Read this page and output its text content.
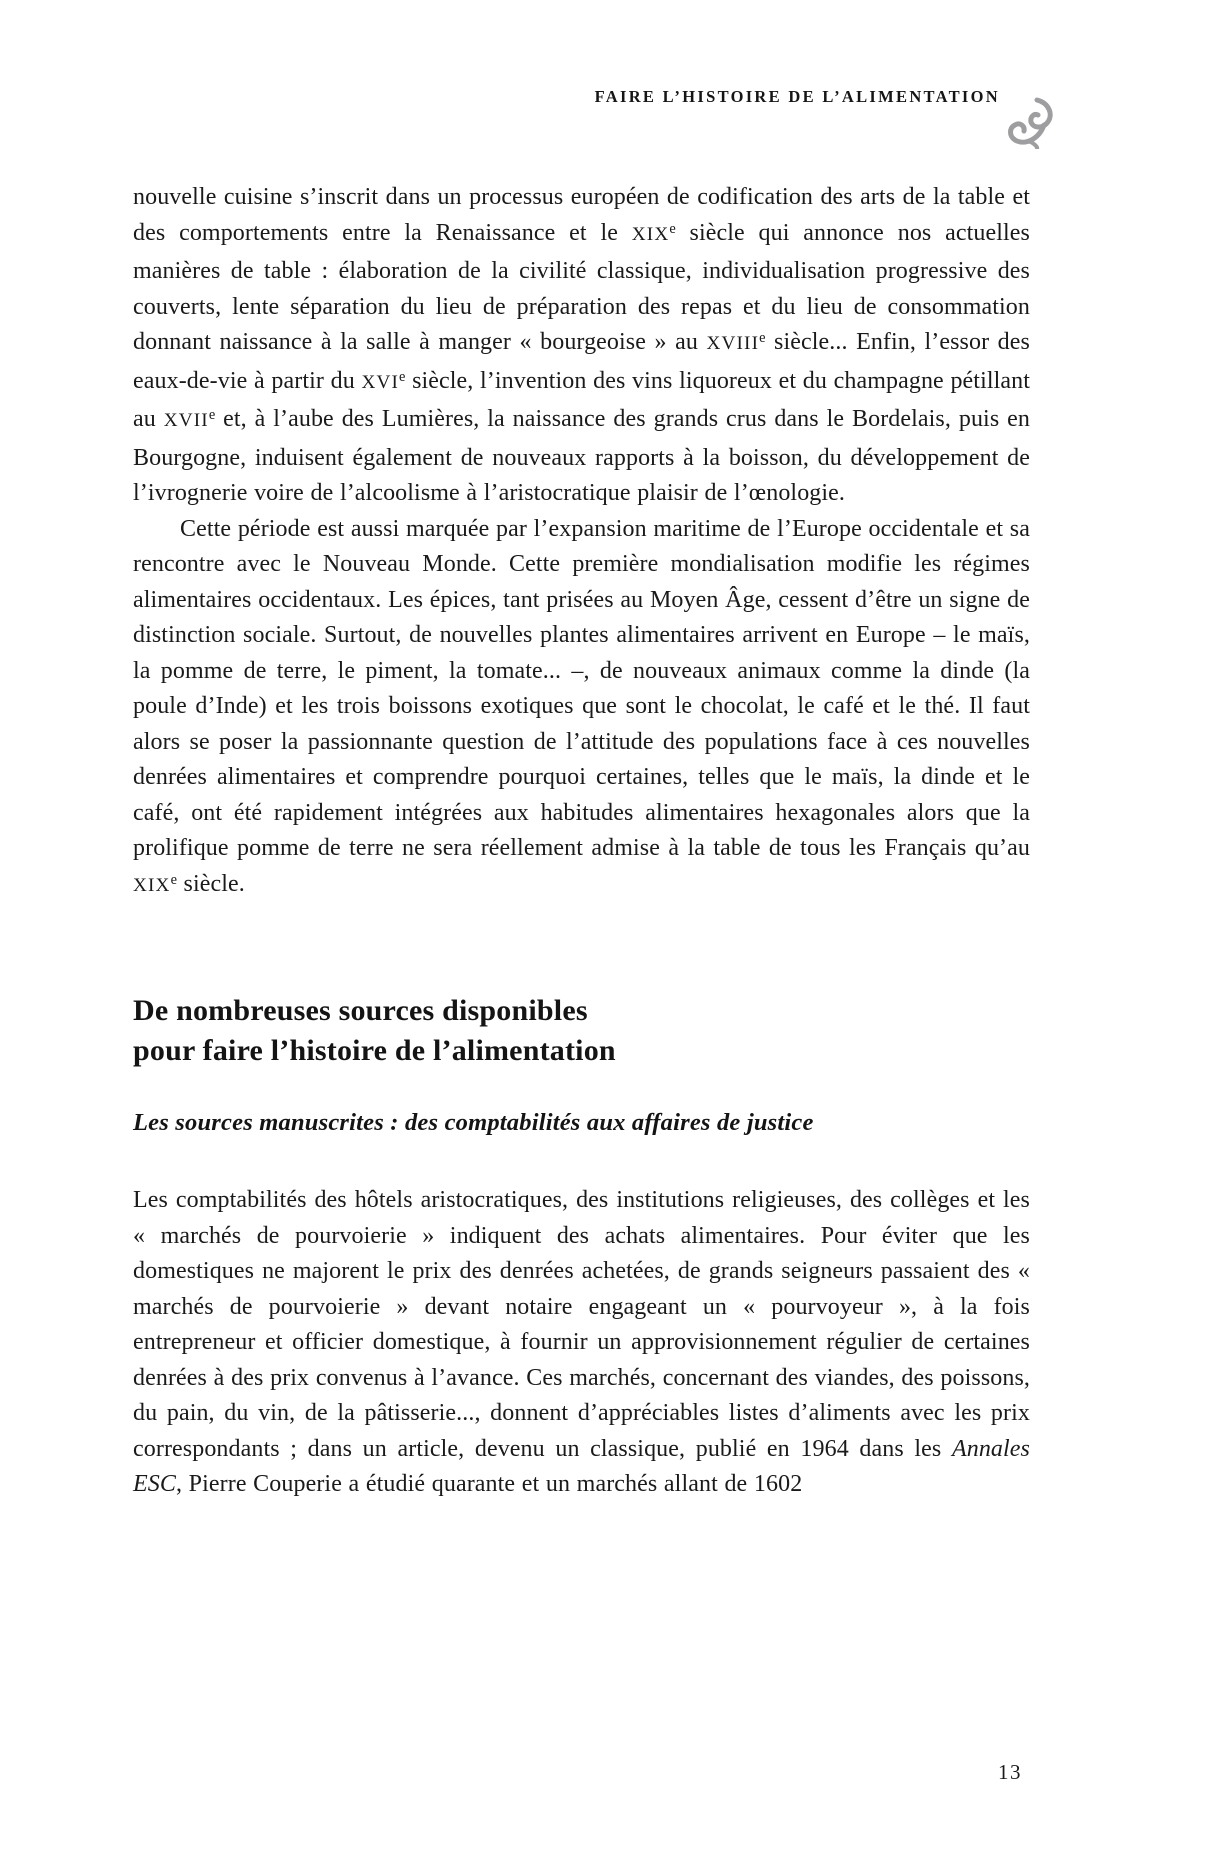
FAIRE L’HISTOIRE DE L’ALIMENTATION

nouvelle cuisine s’inscrit dans un processus européen de codification des arts de la table et des comportements entre la Renaissance et le XIXe siècle qui annonce nos actuelles manières de table : élaboration de la civilité classique, individualisation progressive des couverts, lente séparation du lieu de préparation des repas et du lieu de consommation donnant naissance à la salle à manger « bourgeoise » au XVIIIe siècle... Enfin, l’essor des eaux-de-vie à partir du XVIe siècle, l’invention des vins liquoreux et du champagne pétillant au XVIIe et, à l’aube des Lumières, la naissance des grands crus dans le Bordelais, puis en Bourgogne, induisent également de nouveaux rapports à la boisson, du développement de l’ivrognerie voire de l’alcoolisme à l’aristocratique plaisir de l’œnologie.

Cette période est aussi marquée par l’expansion maritime de l’Europe occidentale et sa rencontre avec le Nouveau Monde. Cette première mondialisation modifie les régimes alimentaires occidentaux. Les épices, tant prisées au Moyen Âge, cessent d’être un signe de distinction sociale. Surtout, de nouvelles plantes alimentaires arrivent en Europe – le maïs, la pomme de terre, le piment, la tomate... –, de nouveaux animaux comme la dinde (la poule d’Inde) et les trois boissons exotiques que sont le chocolat, le café et le thé. Il faut alors se poser la passionnante question de l’attitude des populations face à ces nouvelles denrées alimentaires et comprendre pourquoi certaines, telles que le maïs, la dinde et le café, ont été rapidement intégrées aux habitudes alimentaires hexagonales alors que la prolifique pomme de terre ne sera réellement admise à la table de tous les Français qu’au XIXe siècle.

De nombreuses sources disponibles
pour faire l’histoire de l’alimentation
Les sources manuscrites : des comptabilités aux affaires de justice

Les comptabilités des hôtels aristocratiques, des institutions religieuses, des collèges et les « marchés de pourvoierie » indiquent des achats alimentaires. Pour éviter que les domestiques ne majorent le prix des denrées achetées, de grands seigneurs passaient des « marchés de pourvoierie » devant notaire engageant un « pourvoyeur », à la fois entrepreneur et officier domestique, à fournir un approvisionnement régulier de certaines denrées à des prix convenus à l’avance. Ces marchés, concernant des viandes, des poissons, du pain, du vin, de la pâtisserie..., donnent d’appréciables listes d’aliments avec les prix correspondants ; dans un article, devenu un classique, publié en 1964 dans les Annales ESC, Pierre Couperie a étudié quarante et un marchés allant de 1602

13
